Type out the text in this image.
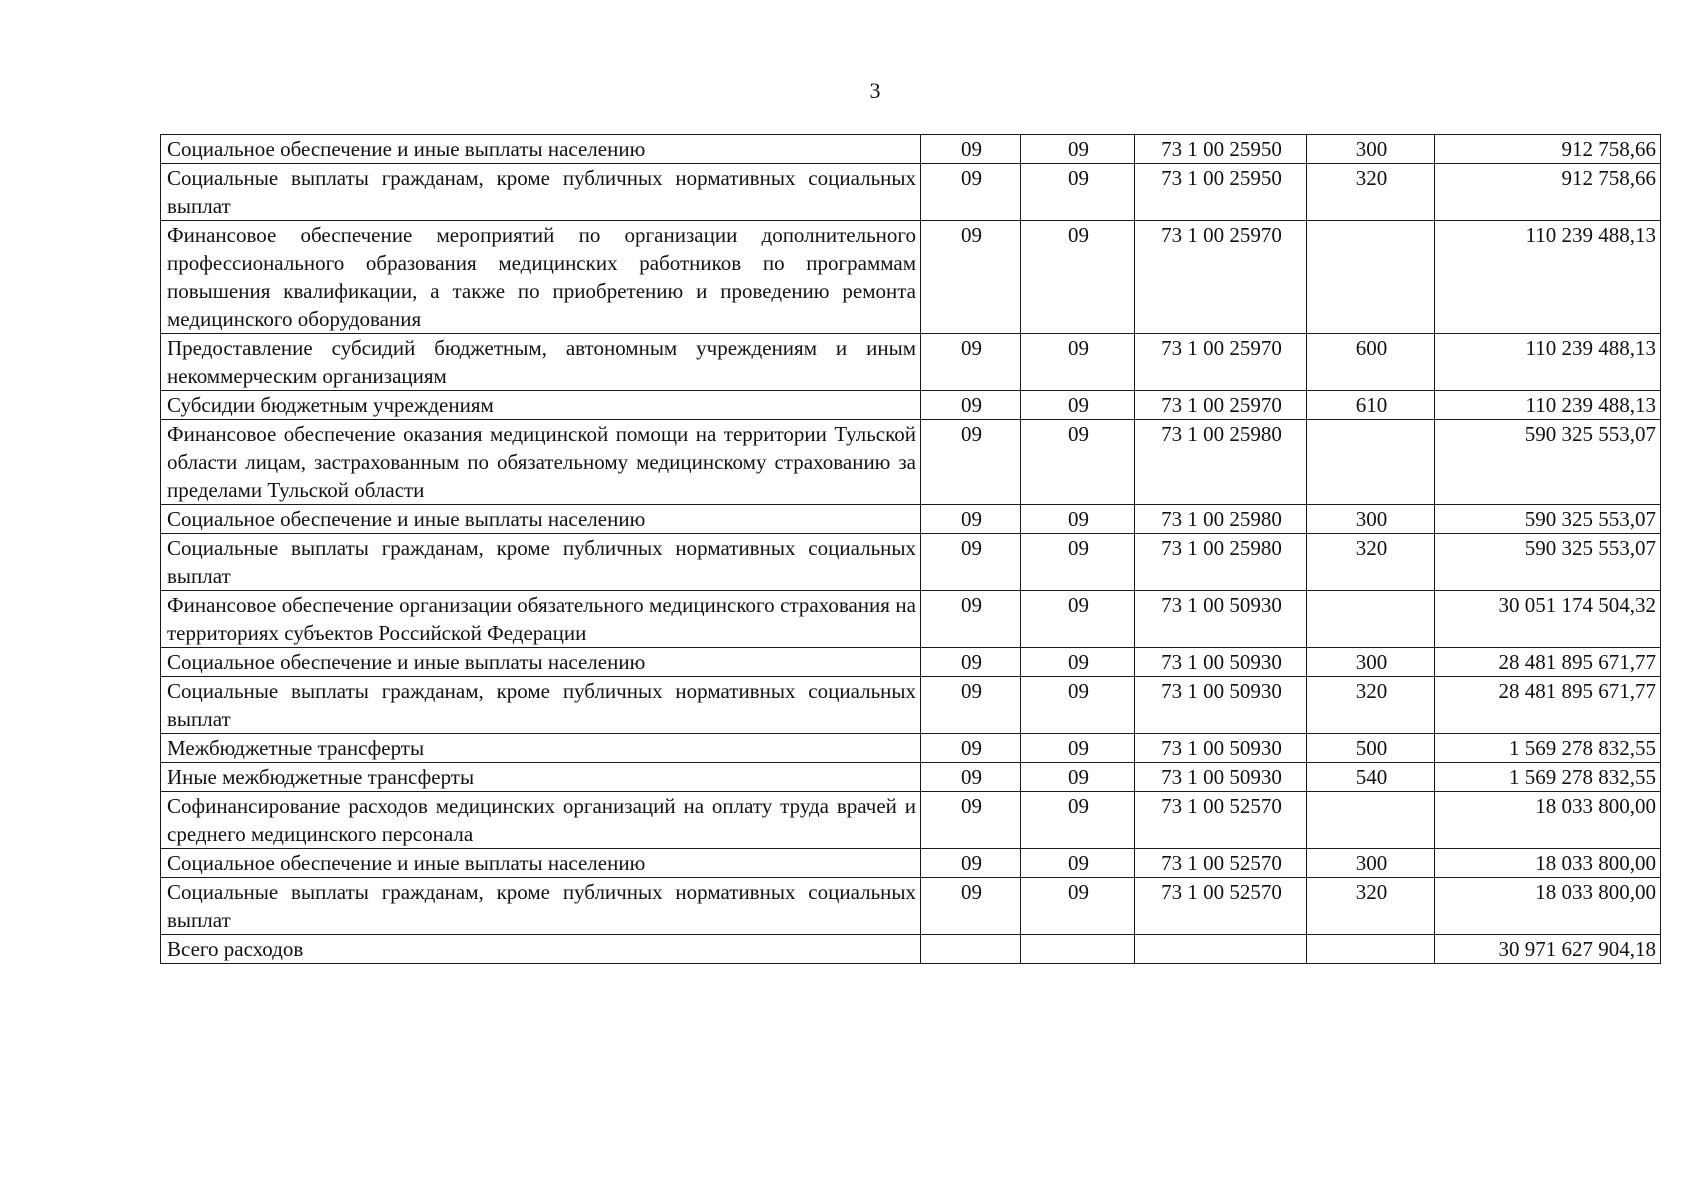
3
Социальное обеспечение и иные выплаты населению	09	09	73 1 00 25950	300	912 758,66
Социальные выплаты гражданам, кроме публичных нормативных социальных выплат	09	09	73 1 00 25950	320	912 758,66
Финансовое обеспечение мероприятий по организации дополнительного профессионального образования медицинских работников по программам повышения квалификации, а также по приобретению и проведению ремонта медицинского оборудования	09	09	73 1 00 25970		110 239 488,13
Предоставление субсидий бюджетным, автономным учреждениям и иным некоммерческим организациям	09	09	73 1 00 25970	600	110 239 488,13
Субсидии бюджетным учреждениям	09	09	73 1 00 25970	610	110 239 488,13
Финансовое обеспечение оказания медицинской помощи на территории Тульской области лицам, застрахованным по обязательному медицинскому страхованию за пределами Тульской области	09	09	73 1 00 25980		590 325 553,07
Социальное обеспечение и иные выплаты населению	09	09	73 1 00 25980	300	590 325 553,07
Социальные выплаты гражданам, кроме публичных нормативных социальных выплат	09	09	73 1 00 25980	320	590 325 553,07
Финансовое обеспечение организации обязательного медицинского страхования на территориях субъектов Российской Федерации	09	09	73 1 00 50930		30 051 174 504,32
Социальное обеспечение и иные выплаты населению	09	09	73 1 00 50930	300	28 481 895 671,77
Социальные выплаты гражданам, кроме публичных нормативных социальных выплат	09	09	73 1 00 50930	320	28 481 895 671,77
Межбюджетные трансферты	09	09	73 1 00 50930	500	1 569 278 832,55
Иные межбюджетные трансферты	09	09	73 1 00 50930	540	1 569 278 832,55
Софинансирование расходов медицинских организаций на оплату труда врачей и среднего медицинского персонала	09	09	73 1 00 52570		18 033 800,00
Социальное обеспечение и иные выплаты населению	09	09	73 1 00 52570	300	18 033 800,00
Социальные выплаты гражданам, кроме публичных нормативных социальных выплат	09	09	73 1 00 52570	320	18 033 800,00
Всего расходов					30 971 627 904,18
